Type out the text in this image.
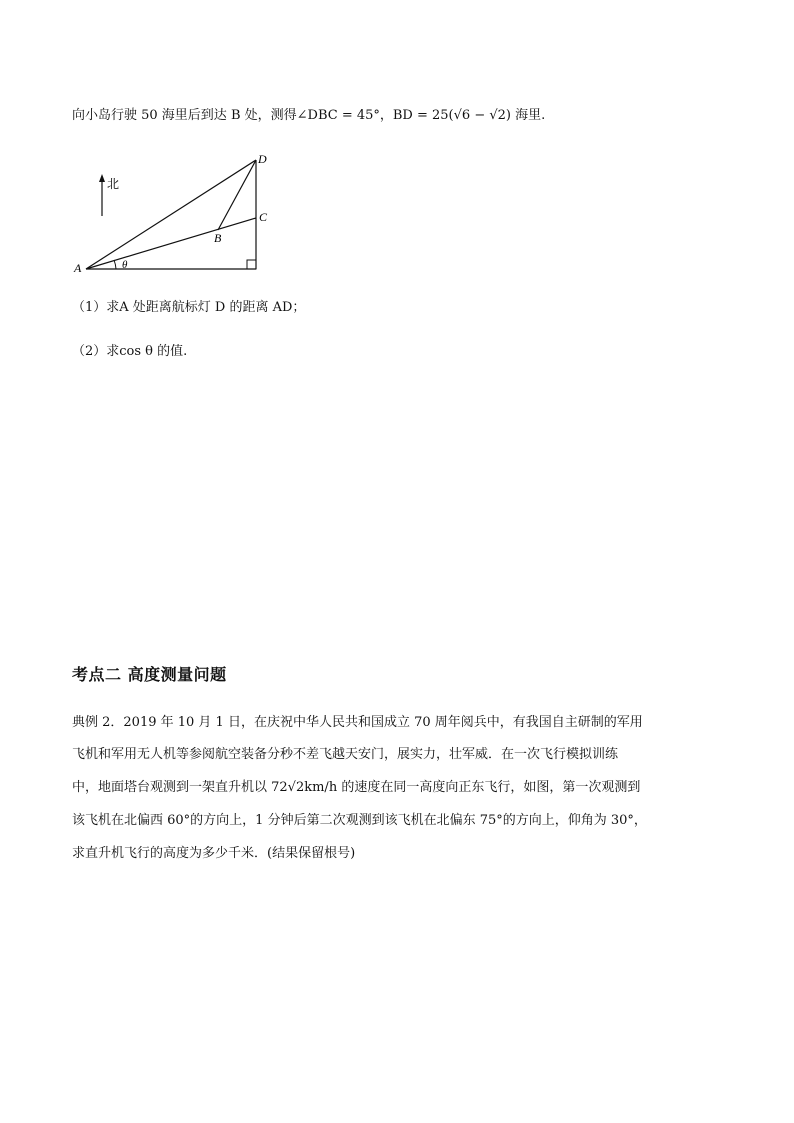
向小岛行驶 50 海里后到达 B 处，测得∠DBC = 45°，BD = 25(√6 − √2) 海里.
北
A
B
C
D
θ
（1）求A 处距离航标灯 D 的距离 AD；
（2）求cos θ 的值.
考点二 高度测量问题
典例 2．2019 年 10 月 1 日，在庆祝中华人民共和国成立 70 周年阅兵中，有我国自主研制的军用
飞机和军用无人机等参阅航空装备分秒不差飞越天安门，展实力，壮军威．在一次飞行模拟训练
中，地面塔台观测到一架直升机以 72√2km/h 的速度在同一高度向正东飞行，如图，第一次观测到
该飞机在北偏西 60°的方向上，1 分钟后第二次观测到该飞机在北偏东 75°的方向上，仰角为 30°，
求直升机飞行的高度为多少千米．(结果保留根号)
